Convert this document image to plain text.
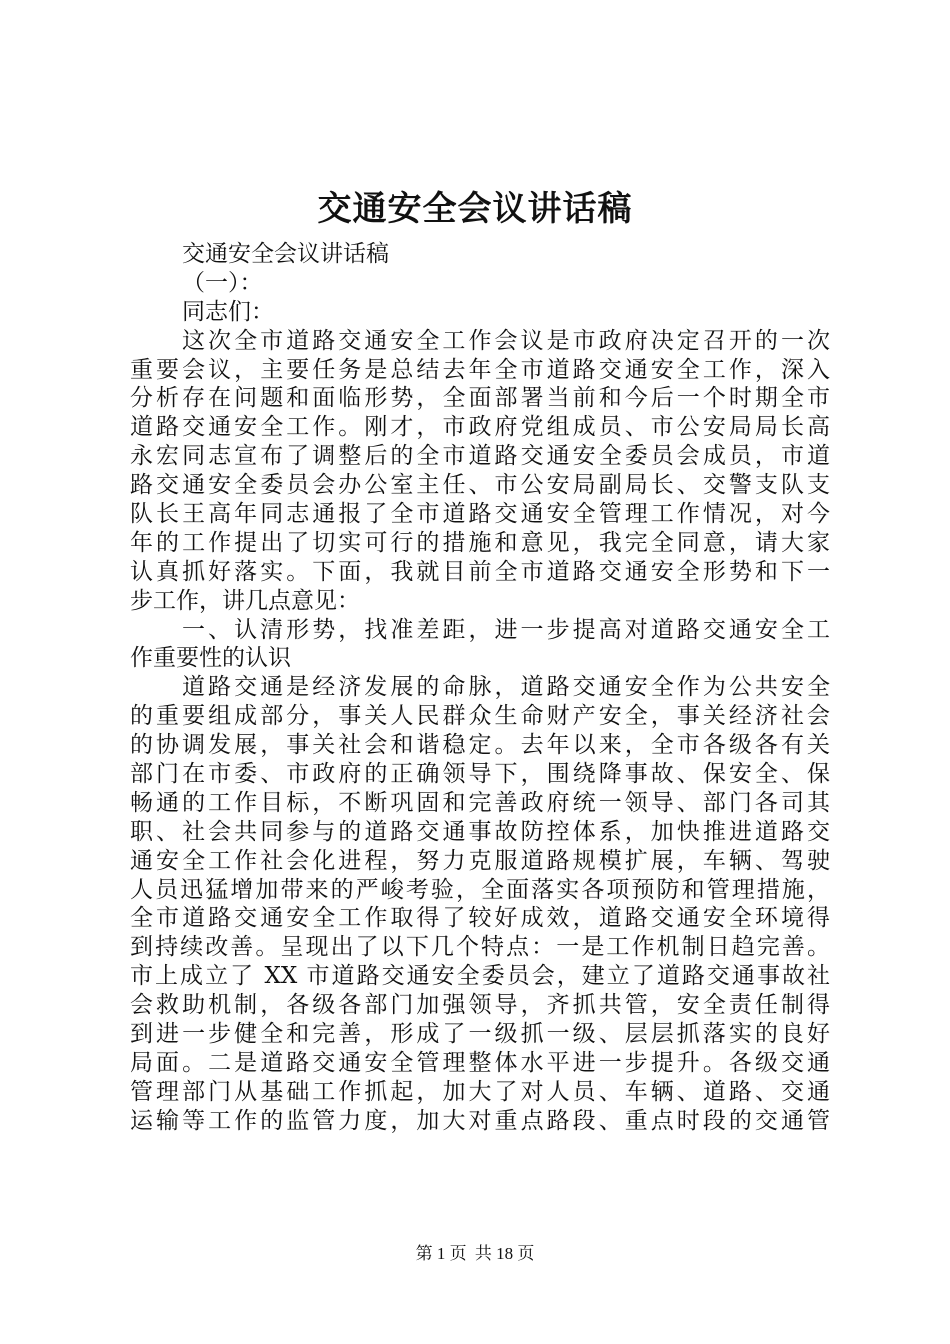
交通安全会议讲话稿
交通安全会议讲话稿
（一）：
同志们：
这次全市道路交通安全工作会议是市政府决定召开的一次
重要会议，主要任务是总结去年全市道路交通安全工作，深入
分析存在问题和面临形势，全面部署当前和今后一个时期全市
道路交通安全工作。刚才，市政府党组成员、市公安局局长高
永宏同志宣布了调整后的全市道路交通安全委员会成员，市道
路交通安全委员会办公室主任、市公安局副局长、交警支队支
队长王高年同志通报了全市道路交通安全管理工作情况，对今
年的工作提出了切实可行的措施和意见，我完全同意，请大家
认真抓好落实。下面，我就目前全市道路交通安全形势和下一
步工作，讲几点意见：
一、认清形势，找准差距，进一步提高对道路交通安全工
作重要性的认识
道路交通是经济发展的命脉，道路交通安全作为公共安全
的重要组成部分，事关人民群众生命财产安全，事关经济社会
的协调发展，事关社会和谐稳定。去年以来，全市各级各有关
部门在市委、市政府的正确领导下，围绕降事故、保安全、保
畅通的工作目标，不断巩固和完善政府统一领导、部门各司其
职、社会共同参与的道路交通事故防控体系，加快推进道路交
通安全工作社会化进程，努力克服道路规模扩展，车辆、驾驶
人员迅猛增加带来的严峻考验，全面落实各项预防和管理措施，
全市道路交通安全工作取得了较好成效，道路交通安全环境得
到持续改善。呈现出了以下几个特点：一是工作机制日趋完善。
市上成立了 XX 市道路交通安全委员会，建立了道路交通事故社
会救助机制，各级各部门加强领导，齐抓共管，安全责任制得
到进一步健全和完善，形成了一级抓一级、层层抓落实的良好
局面。二是道路交通安全管理整体水平进一步提升。各级交通
管理部门从基础工作抓起，加大了对人员、车辆、道路、交通
运输等工作的监管力度，加大对重点路段、重点时段的交通管
第 1 页 共 18 页
